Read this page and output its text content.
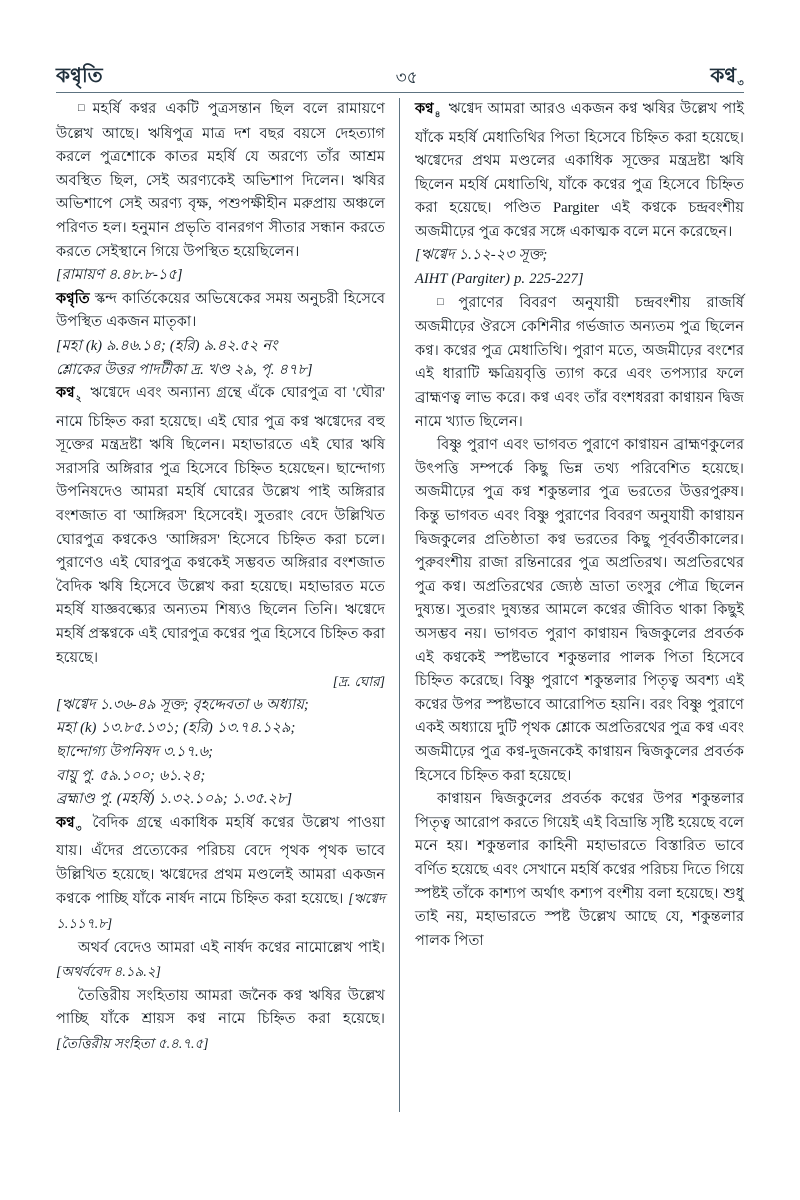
কণ্বৃতি	৩৫	কণ্ব ৩

□ মহর্ষি কণ্বর একটি পুত্রসন্তান ছিল বলে রামায়ণে উল্লেখ আছে। ঋষিপুত্র মাত্র দশ বছর বয়সে দেহত্যাগ করলে পুত্রশোকে কাতর মহর্ষি যে অরণ্যে তাঁর আশ্রম অবস্থিত ছিল, সেই অরণ্যকেই অভিশাপ দিলেন। ঋষির অভিশাপে সেই অরণ্য বৃক্ষ, পশুপক্ষীহীন মরুপ্রায় অঞ্চলে পরিণত হল। হনুমান প্রভৃতি বানরগণ সীতার সন্ধান করতে করতে সেইস্থানে গিয়ে উপস্থিত হয়েছিলেন।

[রামায়ণ ৪.৪৮.৮-১৫]

কণ্বৃতি স্কন্দ কার্তিকেয়ের অভিষেকের সময় অনুচরী হিসেবে উপস্থিত একজন মাতৃকা।

[মহা (k) ৯.৪৬.১৪; (হরি) ৯.৪২.৫২ নং

শ্লোকের উত্তর পাদটীকা দ্র. খণ্ড ২৯, পৃ. ৪৭৮]

কণ্ব$_২$ ঋগ্বেদে এবং অন্যান্য গ্রন্থে এঁকে ঘোরপুত্র বা 'ঘৌর' নামে চিহ্নিত করা হয়েছে। এই ঘোর পুত্র কণ্ব ঋগ্বেদের বহু সূক্তের মন্ত্রদ্রষ্টা ঋষি ছিলেন। মহাভারতে এই ঘোর ঋষি সরাসরি অঙ্গিরার পুত্র হিসেবে চিহ্নিত হয়েছেন। ছান্দোগ্য উপনিষদেও আমরা মহর্ষি ঘোরের উল্লেখ পাই অঙ্গিরার বংশজাত বা 'আঙ্গিরস' হিসেবেই। সুতরাং বেদে উল্লিখিত ঘোরপুত্র কণ্বকেও 'আঙ্গিরস' হিসেবে চিহ্নিত করা চলে। পুরাণেও এই ঘোরপুত্র কণ্বকেই সম্ভবত অঙ্গিরার বংশজাত বৈদিক ঋষি হিসেবে উল্লেখ করা হয়েছে। মহাভারত মতে মহর্ষি যাজ্ঞবল্ক্যের অন্যতম শিষ্যও ছিলেন তিনি। ঋগ্বেদে মহর্ষি প্রস্কণ্বকে এই ঘোরপুত্র কণ্বের পুত্র হিসেবে চিহ্নিত করা হয়েছে।
[দ্র. ঘোর]

[ঋগ্বেদ ১.৩৬-৪৯ সূক্ত; বৃহদ্দেবতা ৬ অধ্যায়;

মহা (k) ১৩.৮৫.১৩১; (হরি) ১৩.৭৪.১২৯;

ছান্দোগ্য উপনিষদ ৩.১৭.৬;

বায়ু পু. ৫৯.১০০; ৬১.২৪;

ব্রহ্মাণ্ড পু. (মহর্ষি) ১.৩২.১০৯; ১.৩৫.২৮]

কণ্ব$_৩$ বৈদিক গ্রন্থে একাধিক মহর্ষি কণ্বের উল্লেখ পাওয়া যায়। এঁদের প্রত্যেকের পরিচয় বেদে পৃথক পৃথক ভাবে উল্লিখিত হয়েছে। ঋগ্বেদের প্রথম মণ্ডলেই আমরা একজন কণ্বকে পাচ্ছি যাঁকে নার্ষদ নামে চিহ্নিত করা হয়েছে। [ঋগ্বেদ ১.১১৭.৮]

অথর্ব বেদেও আমরা এই নার্ষদ কণ্বের নামোল্লেখ পাই। [অথর্ববেদ ৪.১৯.২]

তৈত্তিরীয় সংহিতায় আমরা জনৈক কণ্ব ঋষির উল্লেখ পাচ্ছি যাঁকে শ্রায়স কণ্ব নামে চিহ্নিত করা হয়েছে। [তৈত্তিরীয় সংহিতা ৫.৪.৭.৫]

কণ্ব$_৪$ ঋগ্বেদ আমরা আরও একজন কণ্ব ঋষির উল্লেখ পাই যাঁকে মহর্ষি মেধাতিথির পিতা হিসেবে চিহ্নিত করা হয়েছে। ঋগ্বেদের প্রথম মণ্ডলের একাধিক সূক্তের মন্ত্রদ্রষ্টা ঋষি ছিলেন মহর্ষি মেধাতিথি, যাঁকে কণ্বের পুত্র হিসেবে চিহ্নিত করা হয়েছে। পণ্ডিত Pargiter এই কণ্বকে চন্দ্রবংশীয় অজমীঢ়ের পুত্র কণ্বের সঙ্গে একাত্মক বলে মনে করেছেন।

[ঋগ্বেদ ১.১২-২৩ সূক্ত;

AIHT (Pargiter) p. 225-227]

□ পুরাণের বিবরণ অনুযায়ী চন্দ্রবংশীয় রাজর্ষি অজমীঢ়ের ঔরসে কেশিনীর গর্ভজাত অন্যতম পুত্র ছিলেন কণ্ব। কণ্বের পুত্র মেধাতিথি। পুরাণ মতে, অজমীঢ়ের বংশের এই ধারাটি ক্ষত্রিয়বৃত্তি ত্যাগ করে এবং তপস্যার ফলে ব্রাহ্মণত্ব লাভ করে। কণ্ব এবং তাঁর বংশধররা কাণ্বায়ন দ্বিজ নামে খ্যাত ছিলেন।

বিষ্ণু পুরাণ এবং ভাগবত পুরাণে কাণ্বায়ন ব্রাহ্মণকুলের উৎপত্তি সম্পর্কে কিছু ভিন্ন তথ্য পরিবেশিত হয়েছে। অজমীঢ়ের পুত্র কণ্ব শকুন্তলার পুত্র ভরতের উত্তরপুরুষ। কিন্তু ভাগবত এবং বিষ্ণু পুরাণের বিবরণ অনুযায়ী কাণ্বায়ন দ্বিজকুলের প্রতিষ্ঠাতা কণ্ব ভরতের কিছু পূর্ববর্তীকালের। পুরুবংশীয় রাজা রন্তিনারের পুত্র অপ্রতিরথ। অপ্রতিরথের পুত্র কণ্ব। অপ্রতিরথের জ্যেষ্ঠ ভ্রাতা তংসুর পৌত্র ছিলেন দুষ্যন্ত। সুতরাং দুষ্যন্তর আমলে কণ্বের জীবিত থাকা কিছুই অসম্ভব নয়। ভাগবত পুরাণ কাণ্বায়ন দ্বিজকুলের প্রবর্তক এই কণ্বকেই স্পষ্টভাবে শকুন্তলার পালক পিতা হিসেবে চিহ্নিত করেছে। বিষ্ণু পুরাণে শকুন্তলার পিতৃত্ব অবশ্য এই কণ্বের উপর স্পষ্টভাবে আরোপিত হয়নি। বরং বিষ্ণু পুরাণে একই অধ্যায়ে দুটি পৃথক শ্লোকে অপ্রতিরথের পুত্র কণ্ব এবং অজমীঢ়ের পুত্র কণ্ব-দুজনকেই কাণ্বায়ন দ্বিজকুলের প্রবর্তক হিসেবে চিহ্নিত করা হয়েছে।

কাণ্বায়ন দ্বিজকুলের প্রবর্তক কণ্বের উপর শকুন্তলার পিতৃত্ব আরোপ করতে গিয়েই এই বিভ্রান্তি সৃষ্টি হয়েছে বলে মনে হয়। শকুন্তলার কাহিনী মহাভারতে বিস্তারিত ভাবে বর্ণিত হয়েছে এবং সেখানে মহর্ষি কণ্বের পরিচয় দিতে গিয়ে স্পষ্টই তাঁকে কাশ্যপ অর্থাৎ কশ্যপ বংশীয় বলা হয়েছে। শুধু তাই নয়, মহাভারতে স্পষ্ট উল্লেখ আছে যে, শকুন্তলার পালক পিতা
